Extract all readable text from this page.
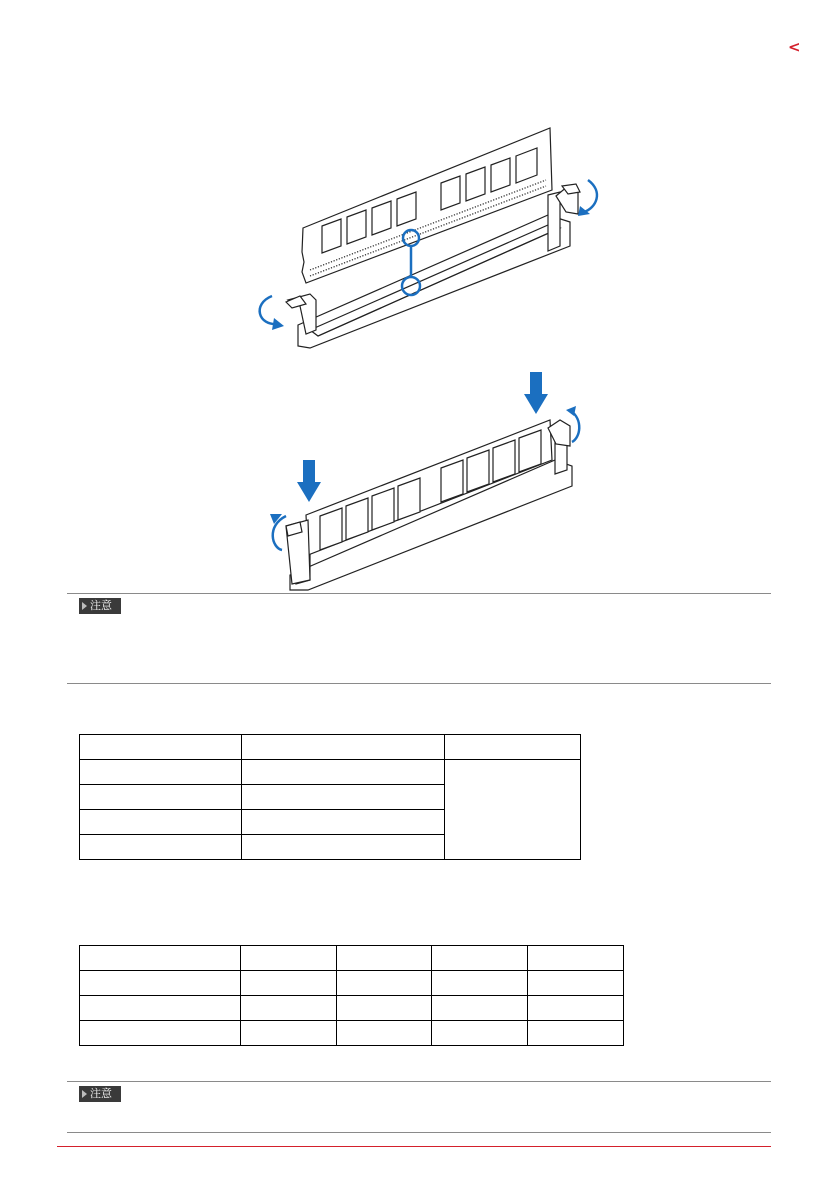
<
注意

注意
